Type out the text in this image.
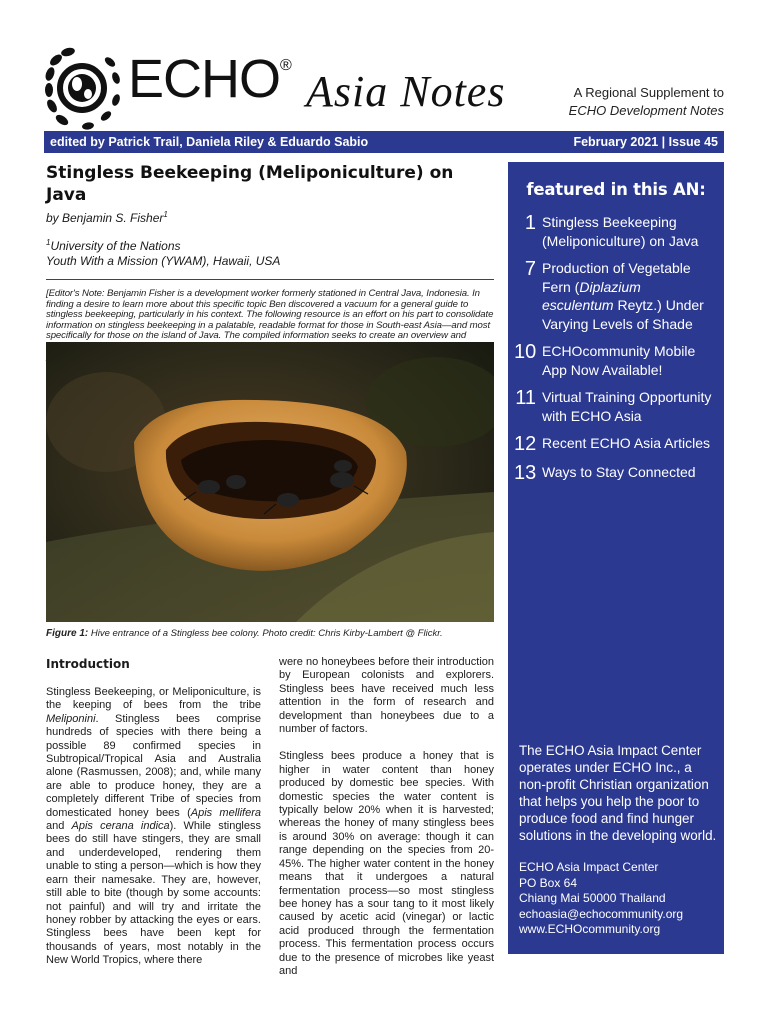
ECHO®
Asia Notes	A Regional Supplement to
ECHO Development Notes
edited by Patrick Trail, Daniela Riley & Eduardo Sabio	February 2021 | Issue 45
Stingless Beekeeping (Meliponiculture) on Java
by Benjamin S. Fisher$^1$
$^1$University of the Nations
Youth With a Mission (YWAM), Hawaii, USA
[Editor's Note: Benjamin Fisher is a development worker formerly stationed in Central Java, Indonesia. In finding a desire to learn more about this specific topic Ben discovered a vacuum for a general guide to stingless beekeeping, particularly in his context. The following resource is an effort on his part to consolidate information on stingless beekeeping in a palatable, readable format for those in South-east Asia—and most specifically for those on the island of Java. The compiled information seeks to create an overview and
Figure 1: Hive entrance of a Stingless bee colony. Photo credit: Chris Kirby-Lambert @ Flickr.
Introduction

Stingless Beekeeping, or Meliponiculture, is the keeping of bees from the tribe Meliponini. Stingless bees comprise hundreds of species with there being a possible 89 confirmed species in Subtropical/Tropical Asia and Australia alone (Rasmussen, 2008); and, while many are able to produce honey, they are a completely different Tribe of species from domesticated honey bees (Apis mellifera and Apis cerana indica). While stingless bees do still have stingers, they are small and underdeveloped, rendering them unable to sting a person—which is how they earn their namesake. They are, however, still able to bite (though by some accounts: not painful) and will try and irritate the honey robber by attacking the eyes or ears. Stingless bees have been kept for thousands of years, most notably in the New World Tropics, where there

were no honeybees before their introduction by European colonists and explorers. Stingless bees have received much less attention in the form of research and development than honeybees due to a number of factors.

Stingless bees produce a honey that is higher in water content than honey produced by domestic bee species. With domestic species the water content is typically below 20% when it is harvested; whereas the honey of many stingless bees is around 30% on average: though it can range depending on the species from 20-45%. The higher water content in the honey means that it undergoes a natural fermentation process—so most stingless bee honey has a sour tang to it most likely caused by acetic acid (vinegar) or lactic acid produced through the fermentation process. This fermentation process occurs due to the presence of microbes like yeast and

featured in this AN:
1 Stingless Beekeeping (Meliponiculture) on Java
7 Production of Vegetable Fern (Diplazium esculentum Reytz.) Under Varying Levels of Shade
10 ECHOcommunity Mobile App Now Available!
11 Virtual Training Opportunity with ECHO Asia
12 Recent ECHO Asia Articles
13 Ways to Stay Connected
The ECHO Asia Impact Center operates under ECHO Inc., a non-profit Christian organization that helps you help the poor to produce food and find hunger solutions in the developing world.
ECHO Asia Impact Center
PO Box 64
Chiang Mai 50000 Thailand
echoasia@echocommunity.org
www.ECHOcommunity.org
